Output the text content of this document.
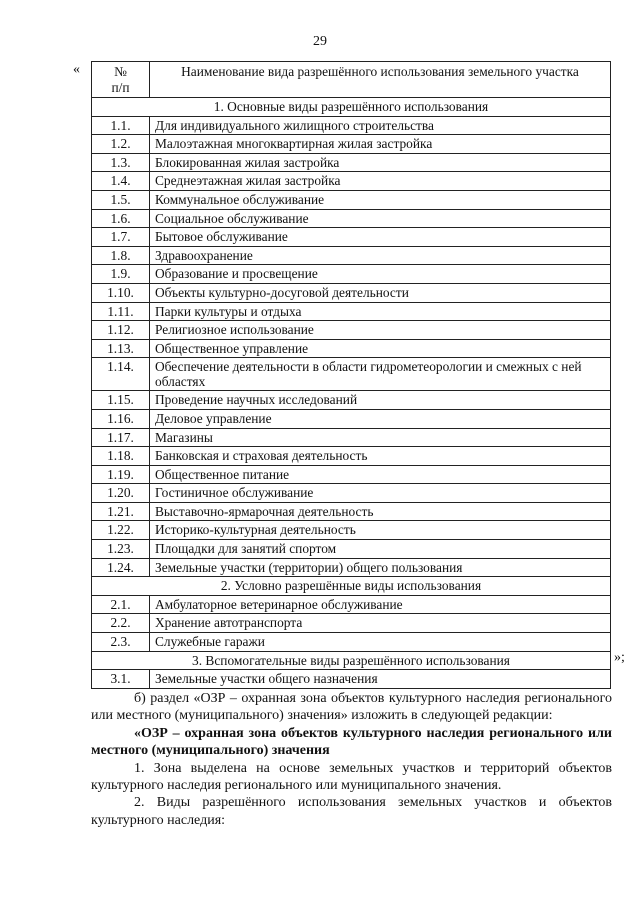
29
«
»;
№
п/п	Наименование вида разрешённого использования земельного участка
1. Основные виды разрешённого использования	
1.1.	Для индивидуального жилищного строительства
1.2.	Малоэтажная многоквартирная жилая застройка
1.3.	Блокированная жилая застройка
1.4.	Среднеэтажная жилая застройка
1.5.	Коммунальное обслуживание
1.6.	Социальное обслуживание
1.7.	Бытовое обслуживание
1.8.	Здравоохранение
1.9.	Образование и просвещение
1.10.	Объекты культурно-досуговой деятельности
1.11.	Парки культуры и отдыха
1.12.	Религиозное использование
1.13.	Общественное управление
1.14.	Обеспечение деятельности в области гидрометеорологии и смежных с ней областях
1.15.	Проведение научных исследований
1.16.	Деловое управление
1.17.	Магазины
1.18.	Банковская и страховая деятельность
1.19.	Общественное питание
1.20.	Гостиничное обслуживание
1.21.	Выставочно-ярмарочная деятельность
1.22.	Историко-культурная деятельность
1.23.	Площадки для занятий спортом
1.24.	Земельные участки (территории) общего пользования
2. Условно разрешённые виды использования	
2.1.	Амбулаторное ветеринарное обслуживание
2.2.	Хранение автотранспорта
2.3.	Служебные гаражи
3. Вспомогательные виды разрешённого использования	
3.1.	Земельные участки общего назначения

б) раздел «ОЗР – охранная зона объектов культурного наследия регионального или местного (муниципального) значения» изложить в следующей редакции:

«ОЗР – охранная зона объектов культурного наследия регионального или местного (муниципального) значения

1. Зона выделена на основе земельных участков и территорий объектов культурного наследия регионального или муниципального значения.

2. Виды разрешённого использования земельных участков и объектов культурного наследия:
